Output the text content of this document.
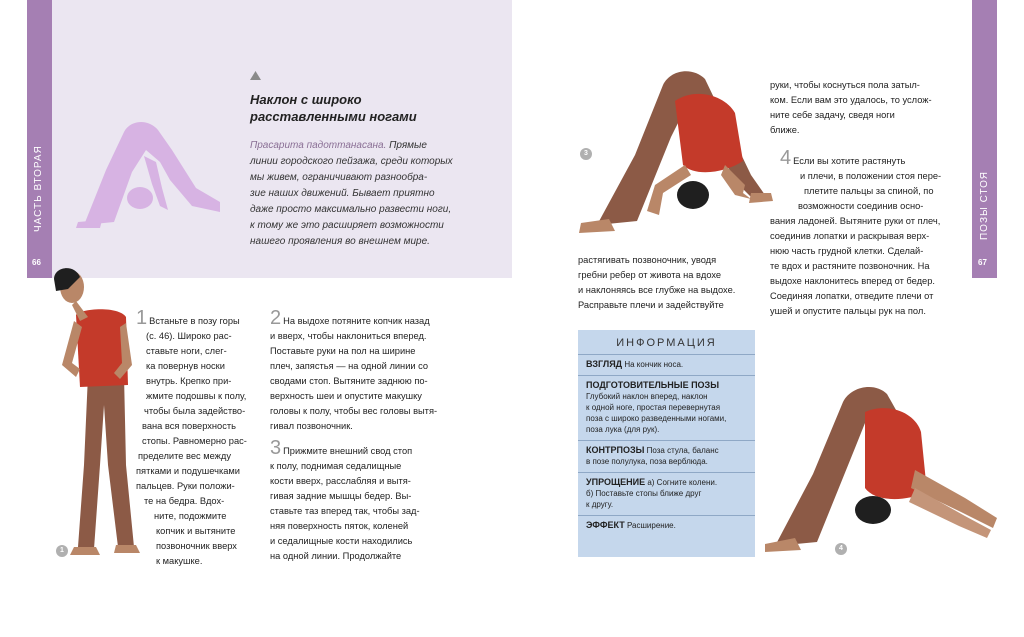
ЧАСТЬ ВТОРАЯ
66
Наклон с широко
расставленными ногами
Прасарита падоттанасана. Прямые
линии городского пейзажа, среди которых
мы живем, ограничивают разнообра-
зие наших движений. Бывает приятно
даже просто максимально развести ноги,
к тому же это расширяет возможности
нашего проявления во внешнем мире.
1
1 Встаньте в позу горы
(с. 46). Широко рас-
ставьте ноги, слег-
ка повернув носки
внутрь. Крепко при-
жмите подошвы к полу,
чтобы была задейство-
вана вся поверхность
стопы. Равномерно рас-
пределите вес между
пятками и подушечками
пальцев. Руки положи-
те на бедра. Вдох-
ните, подожмите
копчик и вытяните
позвоночник вверх
к макушке.
2 На выдохе потяните копчик назад
и вверх, чтобы наклониться вперед.
Поставьте руки на пол на ширине
плеч, запястья — на одной линии со
сводами стоп. Вытяните заднюю по-
верхность шеи и опустите макушку
головы к полу, чтобы вес головы вытя-
гивал позвоночник.
3 Прижмите внешний свод стоп
к полу, поднимая седалищные
кости вверх, расслабляя и вытя-
гивая задние мышцы бедер. Вы-
ставьте таз вперед так, чтобы зад-
няя поверхность пяток, коленей
и седалищные кости находились
на одной линии. Продолжайте
ПОЗЫ СТОЯ
67
3
руки, чтобы коснуться пола затыл-
ком. Если вам это удалось, то услож-
ните себе задачу, сведя ноги
ближе.
4 Если вы хотите растянуть
и плечи, в положении стоя пере-
плетите пальцы за спиной, по
возможности соединив осно-
вания ладоней. Вытяните руки от плеч,
соединив лопатки и раскрывая верх-
нюю часть грудной клетки. Сделай-
те вдох и растяните позвоночник. На
выдохе наклонитесь вперед от бедер.
Соединяя лопатки, отведите плечи от
ушей и опустите пальцы рук на пол.
растягивать позвоночник, уводя
гребни ребер от живота на вдохе
и наклоняясь все глубже на выдохе.
Расправьте плечи и задействуйте
ИНФОРМАЦИЯ
ВЗГЛЯД На кончик носа.
ПОДГОТОВИТЕЛЬНЫЕ ПОЗЫ
Глубокий наклон вперед, наклон
к одной ноге, простая перевернутая
поза с широко разведенными ногами,
поза лука (для рук).
КОНТРПОЗЫ Поза стула, баланс
в позе полулука, поза верблюда.
УПРОЩЕНИЕ а) Согните колени.
б) Поставьте стопы ближе друг
к другу.
ЭФФЕКТ Расширение.
4
